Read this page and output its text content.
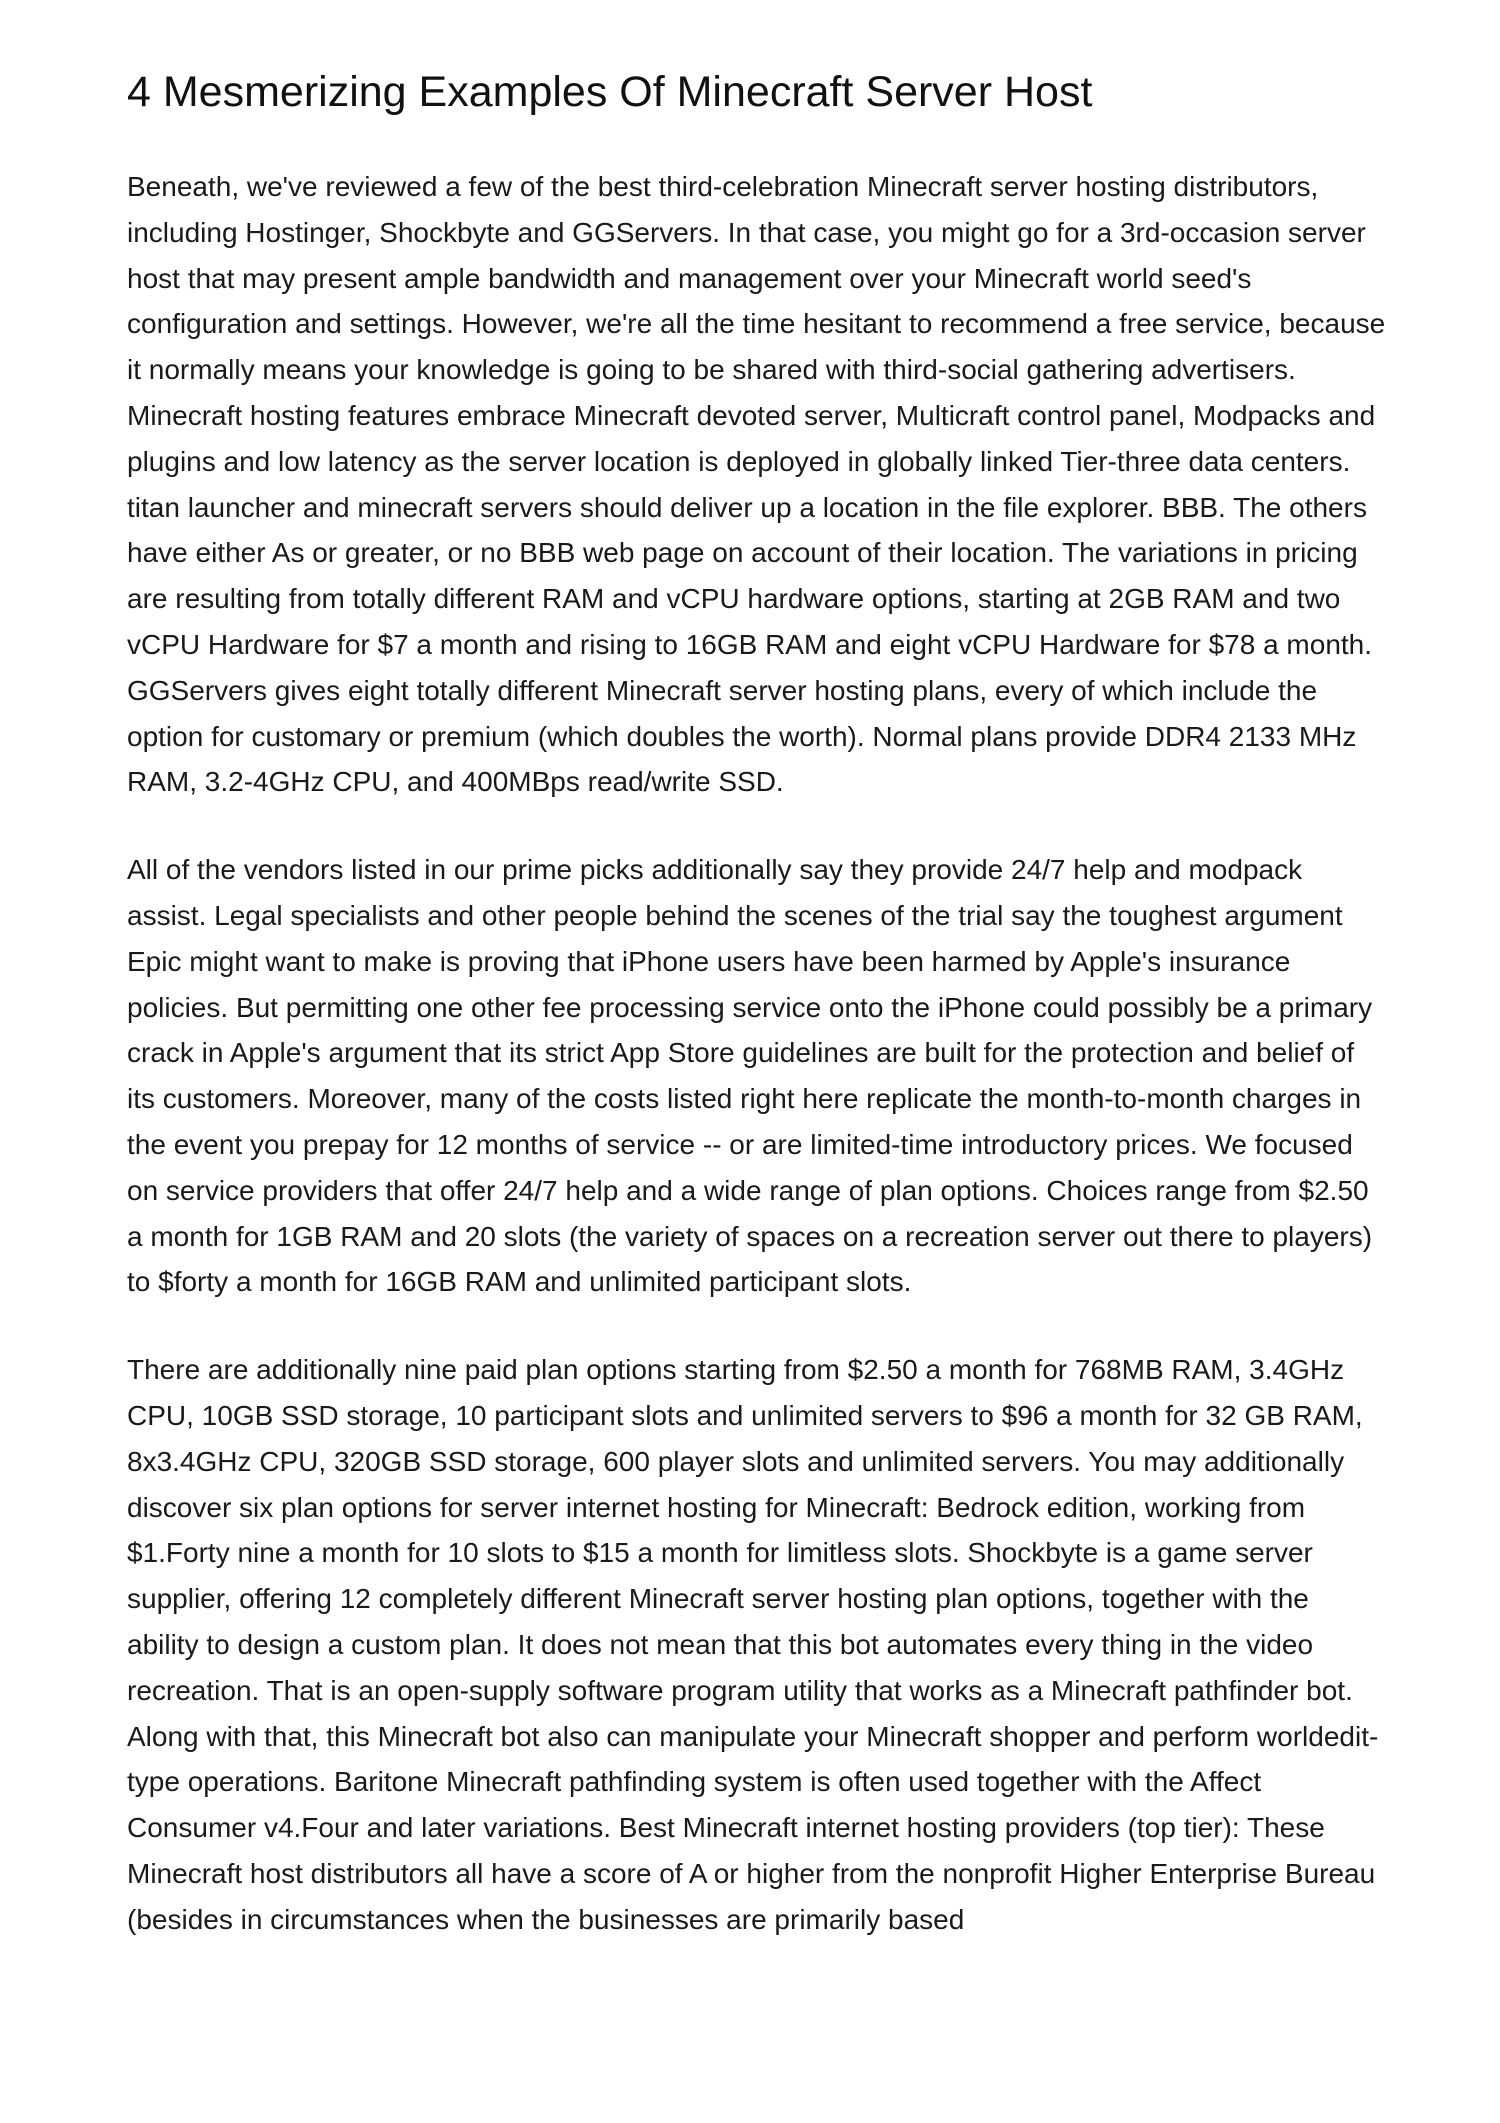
4 Mesmerizing Examples Of Minecraft Server Host

Beneath, we've reviewed a few of the best third-celebration Minecraft server hosting distributors, including Hostinger, Shockbyte and GGServers. In that case, you might go for a 3rd-occasion server host that may present ample bandwidth and management over your Minecraft world seed's configuration and settings. However, we're all the time hesitant to recommend a free service, because it normally means your knowledge is going to be shared with third-social gathering advertisers. Minecraft hosting features embrace Minecraft devoted server, Multicraft control panel, Modpacks and plugins and low latency as the server location is deployed in globally linked Tier-three data centers. titan launcher and minecraft servers should deliver up a location in the file explorer. BBB. The others have either As or greater, or no BBB web page on account of their location. The variations in pricing are resulting from totally different RAM and vCPU hardware options, starting at 2GB RAM and two vCPU Hardware for $7 a month and rising to 16GB RAM and eight vCPU Hardware for $78 a month. GGServers gives eight totally different Minecraft server hosting plans, every of which include the option for customary or premium (which doubles the worth). Normal plans provide DDR4 2133 MHz RAM, 3.2-4GHz CPU, and 400MBps read/write SSD.

All of the vendors listed in our prime picks additionally say they provide 24/7 help and modpack assist. Legal specialists and other people behind the scenes of the trial say the toughest argument Epic might want to make is proving that iPhone users have been harmed by Apple's insurance policies. But permitting one other fee processing service onto the iPhone could possibly be a primary crack in Apple's argument that its strict App Store guidelines are built for the protection and belief of its customers. Moreover, many of the costs listed right here replicate the month-to-month charges in the event you prepay for 12 months of service -- or are limited-time introductory prices. We focused on service providers that offer 24/7 help and a wide range of plan options. Choices range from $2.50 a month for 1GB RAM and 20 slots (the variety of spaces on a recreation server out there to players) to $forty a month for 16GB RAM and unlimited participant slots.

There are additionally nine paid plan options starting from $2.50 a month for 768MB RAM, 3.4GHz CPU, 10GB SSD storage, 10 participant slots and unlimited servers to $96 a month for 32 GB RAM, 8x3.4GHz CPU, 320GB SSD storage, 600 player slots and unlimited servers. You may additionally discover six plan options for server internet hosting for Minecraft: Bedrock edition, working from $1.Forty nine a month for 10 slots to $15 a month for limitless slots. Shockbyte is a game server supplier, offering 12 completely different Minecraft server hosting plan options, together with the ability to design a custom plan. It does not mean that this bot automates every thing in the video recreation. That is an open-supply software program utility that works as a Minecraft pathfinder bot. Along with that, this Minecraft bot also can manipulate your Minecraft shopper and perform worldedit-type operations. Baritone Minecraft pathfinding system is often used together with the Affect Consumer v4.Four and later variations. Best Minecraft internet hosting providers (top tier): These Minecraft host distributors all have a score of A or higher from the nonprofit Higher Enterprise Bureau (besides in circumstances when the businesses are primarily based
